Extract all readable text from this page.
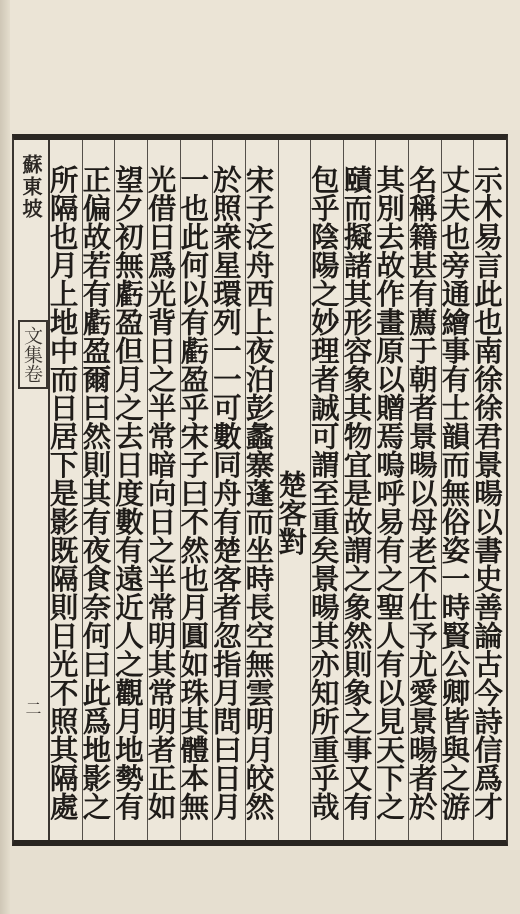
蘇東坡
文集卷
二	示木易言此也南徐徐君景暘以書史善論古今詩信爲才
丈夫也旁通繪事有士韻而無俗姿一時賢公卿皆與之游
名稱籍甚有薦于朝者景暘以母老不仕予尤愛景暘者於
其別去故作畫原以贈焉嗚呼易有之聖人有以見天下之
賾而擬諸其形容象其物宜是故謂之象然則象之事又有
包乎陰陽之妙理者誠可謂至重矣景暘其亦知所重乎哉
楚客對
宋子泛舟西上夜泊彭蠡寨蓬而坐時長空無雲明月皎然
於照衆星環列一一可數同舟有楚客者忽指月問曰日月
一也此何以有虧盈乎宋子曰不然也月圓如珠其體本無
光借日爲光背日之半常暗向日之半常明其常明者正如
望夕初無虧盈但月之去日度數有遠近人之觀月地勢有
正偏故若有虧盈爾曰然則其有夜食奈何曰此爲地影之
所隔也月上地中而日居下是影既隔則日光不照其隔處
